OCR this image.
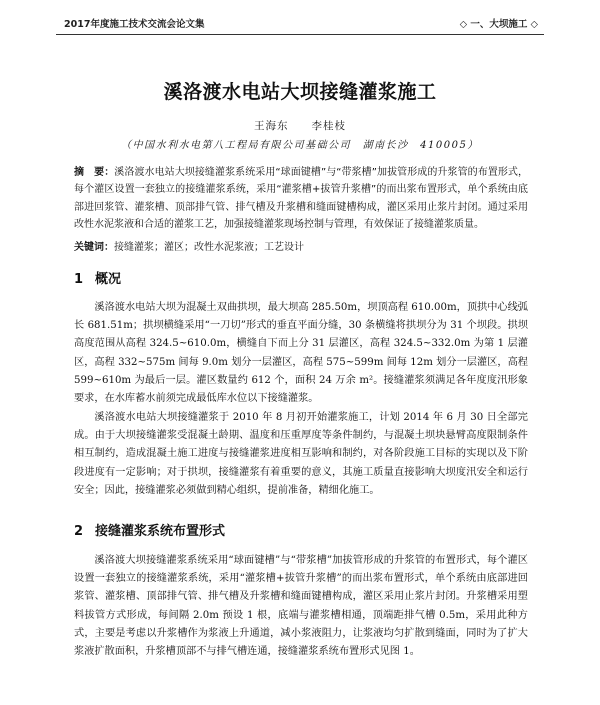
2017年度施工技术交流会论文集	◇ 一、大坝施工 ◇
溪洛渡水电站大坝接缝灌浆施工
王海东　　李桂枝
（中国水利水电第八工程局有限公司基础公司　湖南长沙　410005）
摘　要：溪洛渡水电站大坝接缝灌浆系统采用“球面键槽”与“带浆槽”加拔管形成的升浆管的布置形式，每个灌区设置一套独立的接缝灌浆系统，采用“灌浆槽+拔管升浆槽”的而出浆布置形式，单个系统由底部进回浆管、灌浆槽、顶部排气管、排气槽及升浆槽和缝面键槽构成，灌区采用止浆片封闭。通过采用改性水泥浆液和合适的灌浆工艺，加强接缝灌浆现场控制与管理，有效保证了接缝灌浆质量。
关键词：接缝灌浆；灌区；改性水泥浆液；工艺设计
1 概况
溪洛渡水电站大坝为混凝土双曲拱坝，最大坝高 285.50m，坝顶高程 610.00m，顶拱中心线弧长 681.51m；拱坝横缝采用“一刀切”形式的垂直平面分缝，30 条横缝将拱坝分为 31 个坝段。拱坝高度范围从高程 324.5~610.0m，横缝自下而上分 31 层灌区，高程 324.5~332.0m 为第 1 层灌区，高程 332~575m 间每 9.0m 划分一层灌区，高程 575~599m 间每 12m 划分一层灌区，高程 599~610m 为最后一层。灌区数量约 612 个，面积 24 万余 m²。接缝灌浆须满足各年度度汛形象要求，在水库蓄水前须完成最低库水位以下接缝灌浆。
溪洛渡水电站大坝接缝灌浆于 2010 年 8 月初开始灌浆施工，计划 2014 年 6 月 30 日全部完成。由于大坝接缝灌浆受混凝土龄期、温度和压重厚度等条件制约，与混凝土坝块悬臂高度限制条件相互制约，造成混凝土施工进度与接缝灌浆进度相互影响和制约，对各阶段施工目标的实现以及下阶段进度有一定影响；对于拱坝，接缝灌浆有着重要的意义，其施工质量直接影响大坝度汛安全和运行安全；因此，接缝灌浆必须做到精心组织，提前准备，精细化施工。
2 接缝灌浆系统布置形式
溪洛渡大坝接缝灌浆系统采用“球面键槽”与“带浆槽”加拔管形成的升浆管的布置形式，每个灌区设置一套独立的接缝灌浆系统，采用“灌浆槽+拔管升浆槽”的而出浆布置形式，单个系统由底部进回浆管、灌浆槽、顶部排气管、排气槽及升浆槽和缝面键槽构成，灌区采用止浆片封闭。升浆槽采用塑料拔管方式形成，每间隔 2.0m 预设 1 根，底端与灌浆槽相通，顶端距排气槽 0.5m，采用此种方式，主要是考虑以升浆槽作为浆液上升通道，减小浆液阻力，让浆液均匀扩散到缝面，同时为了扩大浆液扩散面积，升浆槽顶部不与排气槽连通，接缝灌浆系统布置形式见图 1。
